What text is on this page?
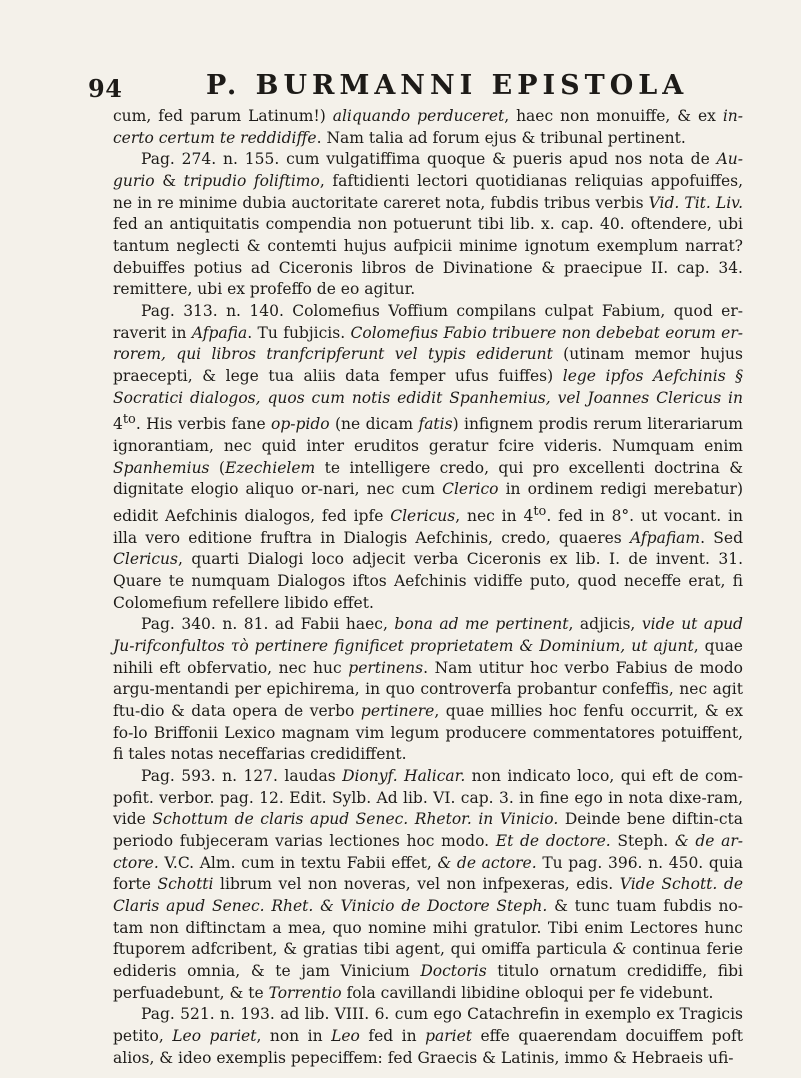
94	P. BURMANNI EPISTOLA

cum, fed parum Latinum!) aliquando perduceret, haec non monuiffe, & ex in-certo certum te reddidiffe. Nam talia ad forum ejus & tribunal pertinent.

Pag. 274. n. 155. cum vulgatiffima quoque & pueris apud nos nota de Au-gurio & tripudio foliftimo, faftidienti lectori quotidianas reliquias appofuiffes, ne in re minime dubia auctoritate careret nota, fubdis tribus verbis Vid. Tit. Liv. fed an antiquitatis compendia non potuerunt tibi lib. x. cap. 40. oftendere, ubi tantum neglecti & contemti hujus aufpicii minime ignotum exemplum narrat? debuiffes potius ad Ciceronis libros de Divinatione & praecipue II. cap. 34. remittere, ubi ex profeffo de eo agitur.

Pag. 313. n. 140. Colomefius Voffium compilans culpat Fabium, quod er-raverit in Afpafia. Tu fubjicis. Colomefius Fabio tribuere non debebat eorum er-rorem, qui libros tranfcripferunt vel typis ediderunt (utinam memor hujus praecepti, & lege tua aliis data femper ufus fuiffes) lege ipfos Aefchinis § Socratici dialogos, quos cum notis edidit Spanhemius, vel Joannes Clericus in $4^{to}$. His verbis fane op-pido (ne dicam fatis) infignem prodis rerum literariarum ignorantiam, nec quid inter eruditos geratur fcire videris. Numquam enim Spanhemius (Ezechielem te intelligere credo, qui pro excellenti doctrina & dignitate elogio aliquo or-nari, nec cum Clerico in ordinem redigi merebatur) edidit Aefchinis dialogos, fed ipfe Clericus, nec in $4^{to}$. fed in 8°. ut vocant. in illa vero editione fruftra in Dialogis Aefchinis, credo, quaeres Afpafiam. Sed Clericus, quarti Dialogi loco adjecit verba Ciceronis ex lib. I. de invent. 31. Quare te numquam Dialogos iftos Aefchinis vidiffe puto, quod neceffe erat, fi Colomefium refellere libido effet.

Pag. 340. n. 81. ad Fabii haec, bona ad me pertinent, adjicis, vide ut apud Ju-rifconfultos τὸ pertinere fignificet proprietatem & Dominium, ut ajunt, quae nihili eft obfervatio, nec huc pertinens. Nam utitur hoc verbo Fabius de modo argu-mentandi per epichirema, in quo controverfa probantur confeffis, nec agit ftu-dio & data opera de verbo pertinere, quae millies hoc fenfu occurrit, & ex fo-lo Briffonii Lexico magnam vim legum producere commentatores potuiffent, fi tales notas neceffarias credidiffent.

Pag. 593. n. 127. laudas Dionyf. Halicar. non indicato loco, qui eft de com-pofit. verbor. pag. 12. Edit. Sylb. Ad lib. VI. cap. 3. in fine ego in nota dixe-ram, vide Schottum de claris apud Senec. Rhetor. in Vinicio. Deinde bene diftin-cta periodo fubjeceram varias lectiones hoc modo. Et de doctore. Steph. & de ar-ctore. V.C. Alm. cum in textu Fabii effet, & de actore. Tu pag. 396. n. 450. quia forte Schotti librum vel non noveras, vel non infpexeras, edis. Vide Schott. de Claris apud Senec. Rhet. & Vinicio de Doctore Steph. & tunc tuam fubdis no-tam non diftinctam a mea, quo nomine mihi gratulor. Tibi enim Lectores hunc ftuporem adfcribent, & gratias tibi agent, qui omiffa particula & continua ferie edideris omnia, & te jam Vinicium Doctoris titulo ornatum credidiffe, fibi perfuadebunt, & te Torrentio fola cavillandi libidine obloqui per fe videbunt.

Pag. 521. n. 193. ad lib. VIII. 6. cum ego Catachrefin in exemplo ex Tragicis petito, Leo pariet, non in Leo fed in pariet effe quaerendam docuiffem poft alios, & ideo exemplis pepeciffem: fed Graecis & Latinis, immo & Hebraeis ufi-
